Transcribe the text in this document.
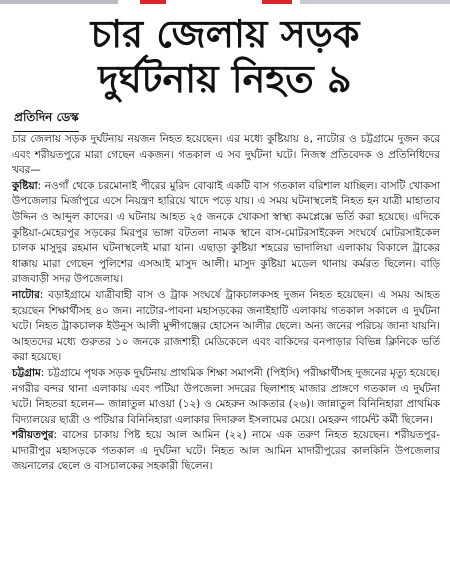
চার জেলায় সড়ক
দুর্ঘটনায় নিহত ৯
প্রতিদিন ডেস্ক

চার জেলায় সড়ক দুর্ঘটনায় নয়জন নিহত হয়েছেন। এর মধ্যে কুষ্টিয়ায় ৪, নাটোর ও চট্টগ্রামে দুজন করে এবং শরীয়তপুরে মারা গেছেন একজন। গতকাল এ সব দুর্ঘটনা ঘটে। নিজস্ব প্রতিবেদক ও প্রতিনিধিদের খবর—

কুষ্টিয়া: নওগাঁ থেকে চরমোনাই পীরের মুরিদ বোঝাই একটি বাস গতকাল বরিশাল যাচ্ছিল। বাসটি খোকসা উপজেলার মির্জাপুরে এসে নিয়ন্ত্রণ হারিয়ে খাদে পড়ে যায়। এ সময় ঘটনাস্থলেই নিহত হন যাত্রী মাহাতাব উদ্দিন ও আব্দুল কাদের। এ ঘটনায় আহত ২৫ জনকে খোকসা স্বাস্থ্য কমপ্লেক্সে ভর্তি করা হয়েছে। এদিকে কুষ্টিয়া-মেহেরপুর সড়কের মিরপুর ভাঙ্গা বটতলা নামক স্থানে বাস-মোটরসাইকেল সংঘর্ষে মোটরসাইকেল চালক মাসুদুর রহমান ঘটনাস্থলেই মারা যান। এছাড়া কুষ্টিয়া শহরের ভাদালিয়া এলাকায় বিকালে ট্রাকের ধাক্কায় মারা গেছেন পুলিশের এসআই মাসুদ আলী। মাসুদ কুষ্টিয়া মডেল থানায় কর্মরত ছিলেন। বাড়ি রাজবাড়ী সদর উপজেলায়।

নাটোর: বড়াইগ্রামে যাত্রীবাহী বাস ও ট্রাক সংঘর্ষে ট্রাকচালকসহ দুজন নিহত হয়েছেন। এ সময় আহত হয়েছেন শিক্ষার্থীসহ ৪০ জন। নাটোর-পাবনা মহাসড়কের জনাইহাটি এলাকায় গতকাল সকালে এ দুর্ঘটনা ঘটে। নিহত ট্রাকচালক ইউনুস আলী মুন্সীগঞ্জের হোসেন আলীর ছেলে। অন্য জনের পরিচয় জানা যায়নি। আহতদের মধ্যে গুরুতর ১০ জনকে রাজশাহী মেডিকেলে এবং বাকিদের বনপাড়ার বিভিন্ন ক্লিনিকে ভর্তি করা হয়েছে।

চট্টগ্রাম: চট্টগ্রামে পৃথক সড়ক দুর্ঘটনায় প্রাথমিক শিক্ষা সমাপনী (পিইসি) পরীক্ষার্থীসহ দুজনের মৃত্যু হয়েছে। নগরীর বন্দর থানা এলাকায় এবং পটিয়া উপজেলা সদরের ছিলাশাহ মাজার প্রাঙ্গণে গতকাল এ দুর্ঘটনা ঘটে। নিহতরা হলেন— জান্নাতুল মাওয়া (১২) ও মেহরুন আকতার (২৬)। জান্নাতুল বিনিনিহারা প্রাথমিক বিদ্যালয়ের ছাত্রী ও পটিয়ার বিনিনিহারা এলাকার দিদারুল ইসলামের মেয়ে। মেহরুন গার্মেন্ট কর্মী ছিলেন।

শরীয়তপুর: বাসের চাকায় পিষ্ট হয়ে আল আমিন (২২) নামে এক তরুণ নিহত হয়েছেন। শরীয়তপুর-মাদারীপুর মহাসড়কে গতকাল এ দুর্ঘটনা ঘটে। নিহত আল আমিন মাদারীপুরের কালকিনি উপজেলার জয়নালের ছেলে ও বাসচালকের সহকারী ছিলেন।
